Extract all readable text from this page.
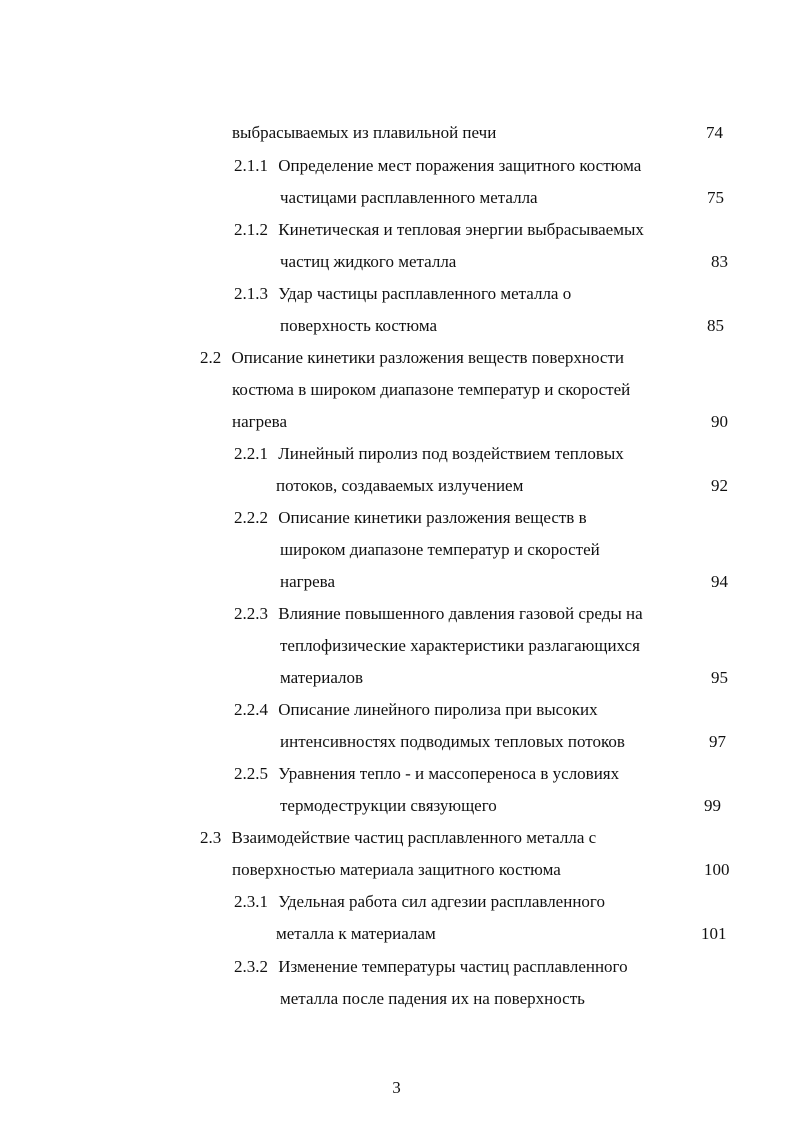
выбрасываемых из плавильной печи	74
2.1.1 Определение мест поражения защитного костюма
частицами расплавленного металла	75
2.1.2 Кинетическая и тепловая энергии выбрасываемых
частиц жидкого металла	83
2.1.3 Удар частицы расплавленного металла о
поверхность костюма	85
2.2 Описание кинетики разложения веществ поверхности
костюма в широком диапазоне температур и скоростей
нагрева	90
2.2.1 Линейный пиролиз под воздействием тепловых
потоков, создаваемых излучением	92
2.2.2 Описание кинетики разложения веществ в
широком диапазоне температур и скоростей
нагрева	94
2.2.3 Влияние повышенного давления газовой среды на
теплофизические характеристики разлагающихся
материалов	95
2.2.4 Описание линейного пиролиза при высоких
интенсивностях подводимых тепловых потоков	97
2.2.5 Уравнения тепло - и массопереноса в условиях
термодеструкции связующего	99
2.3 Взаимодействие частиц расплавленного металла с
поверхностью материала защитного костюма	100
2.3.1 Удельная работа сил адгезии расплавленного
металла к материалам	101
2.3.2 Изменение температуры частиц расплавленного
металла после падения их на поверхность
3
